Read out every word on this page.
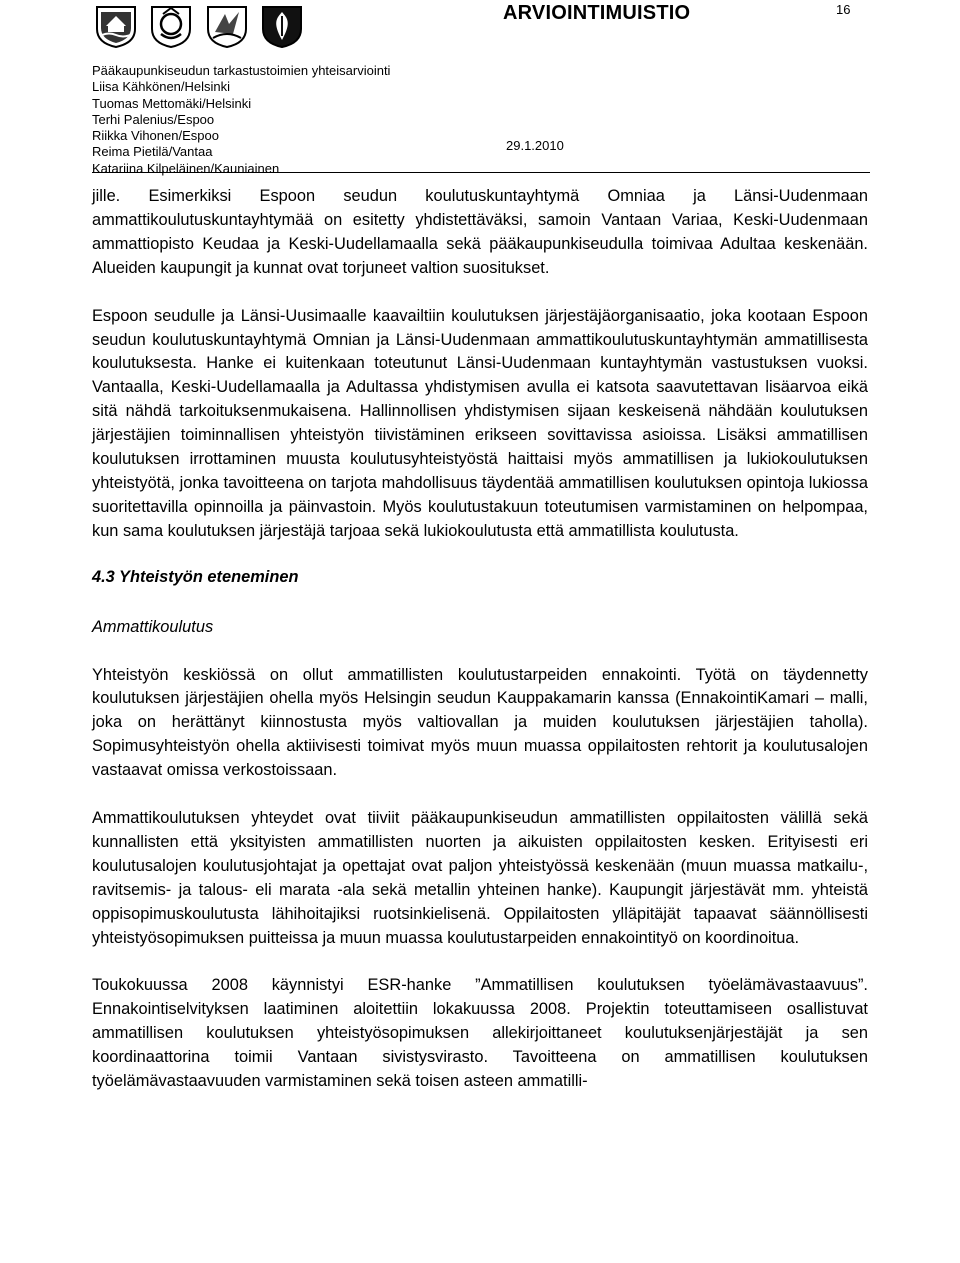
ARVIOINTIMUISTIO	16
Pääkaupunkiseudun tarkastustoimien yhteisarviointi
Liisa Kähkönen/Helsinki
Tuomas Mettomäki/Helsinki
Terhi Palenius/Espoo
Riikka Vihonen/Espoo
Reima Pietilä/Vantaa
Katariina Kilpeläinen/Kauniainen
29.1.2010

jille. Esimerkiksi Espoon seudun koulutuskuntayhtymä Omniaa ja Länsi-Uudenmaan ammattikoulutuskuntayhtymää on esitetty yhdistettäväksi, samoin Vantaan Variaa, Keski-Uudenmaan ammattiopisto Keudaa ja Keski-Uudellamaalla sekä pääkaupunkiseudulla toimivaa Adultaa keskenään. Alueiden kaupungit ja kunnat ovat torjuneet valtion suositukset.

Espoon seudulle ja Länsi-Uusimaalle kaavailtiin koulutuksen järjestäjäorganisaatio, joka kootaan Espoon seudun koulutuskuntayhtymä Omnian ja Länsi-Uudenmaan ammattikoulutuskuntayhtymän ammatillisesta koulutuksesta. Hanke ei kuitenkaan toteutunut Länsi-Uudenmaan kuntayhtymän vastustuksen vuoksi. Vantaalla, Keski-Uudellamaalla ja Adultassa yhdistymisen avulla ei katsota saavutettavan lisäarvoa eikä sitä nähdä tarkoituksenmukaisena. Hallinnollisen yhdistymisen sijaan keskeisenä nähdään koulutuksen järjestäjien toiminnallisen yhteistyön tiivistäminen erikseen sovittavissa asioissa. Lisäksi ammatillisen koulutuksen irrottaminen muusta koulutusyhteistyöstä haittaisi myös ammatillisen ja lukiokoulutuksen yhteistyötä, jonka tavoitteena on tarjota mahdollisuus täydentää ammatillisen koulutuksen opintoja lukiossa suoritettavilla opinnoilla ja päinvastoin. Myös koulutustakuun toteutumisen varmistaminen on helpompaa, kun sama koulutuksen järjestäjä tarjoaa sekä lukiokoulutusta että ammatillista koulutusta.

4.3 Yhteistyön eteneminen

Ammattikoulutus

Yhteistyön keskiössä on ollut ammatillisten koulutustarpeiden ennakointi. Työtä on täydennetty koulutuksen järjestäjien ohella myös Helsingin seudun Kauppakamarin kanssa (EnnakointiKamari – malli, joka on herättänyt kiinnostusta myös valtiovallan ja muiden koulutuksen järjestäjien taholla). Sopimusyhteistyön ohella aktiivisesti toimivat myös muun muassa oppilaitosten rehtorit ja koulutusalojen vastaavat omissa verkostoissaan.

Ammattikoulutuksen yhteydet ovat tiiviit pääkaupunkiseudun ammatillisten oppilaitosten välillä sekä kunnallisten että yksityisten ammatillisten nuorten ja aikuisten oppilaitosten kesken. Erityisesti eri koulutusalojen koulutusjohtajat ja opettajat ovat paljon yhteistyössä keskenään (muun muassa matkailu-, ravitsemis- ja talous- eli marata -ala sekä metallin yhteinen hanke). Kaupungit järjestävät mm. yhteistä oppisopimuskoulutusta lähihoitajiksi ruotsinkielisenä. Oppilaitosten ylläpitäjät tapaavat säännöllisesti yhteistyösopimuksen puitteissa ja muun muassa koulutustarpeiden ennakointityö on koordinoitua.

Toukokuussa 2008 käynnistyi ESR-hanke ”Ammatillisen koulutuksen työelämävastaavuus”. Ennakointiselvityksen laatiminen aloitettiin lokakuussa 2008. Projektin toteuttamiseen osallistuvat ammatillisen koulutuksen yhteistyösopimuksen allekirjoittaneet koulutuksenjärjestäjät ja sen koordinaattorina toimii Vantaan sivistysvirasto. Tavoitteena on ammatillisen koulutuksen työelämävastaavuuden varmistaminen sekä toisen asteen ammatilli-
